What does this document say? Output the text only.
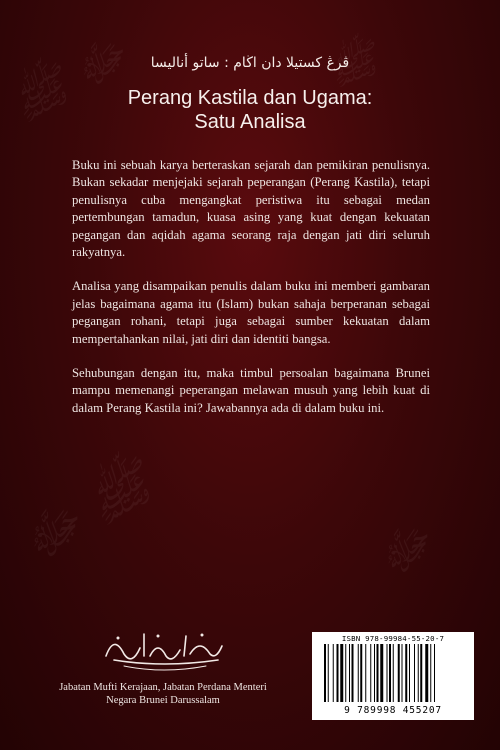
ﷻ ﷺ
ﷺ ﷻ	ﷻ
ﷺ
ڤرڠ كستيلا دان اڬام : ساتو أناليسا
Perang Kastila dan Ugama:
Satu Analisa

Buku ini sebuah karya berteraskan sejarah dan pemikiran penulisnya. Bukan sekadar menjejaki sejarah peperangan (Perang Kastila), tetapi penulisnya cuba mengangkat peristiwa itu sebagai medan pertembungan tamadun, kuasa asing yang kuat dengan kekuatan pegangan dan aqidah agama seorang raja dengan jati diri seluruh rakyatnya.

Analisa yang disampaikan penulis dalam buku ini memberi gambaran jelas bagaimana agama itu (Islam) bukan sahaja berperanan sebagai pegangan rohani, tetapi juga sebagai sumber kekuatan dalam mempertahankan nilai, jati diri dan identiti bangsa.

Sehubungan dengan itu, maka timbul persoalan bagaimana Brunei mampu memenangi peperangan melawan musuh yang lebih kuat di dalam Perang Kastila ini? Jawabannya ada di dalam buku ini.

Jabatan Mufti Kerajaan, Jabatan Perdana Menteri
Negara Brunei Darussalam
ISBN 978-99984-55-20-7
9 789998 455207
